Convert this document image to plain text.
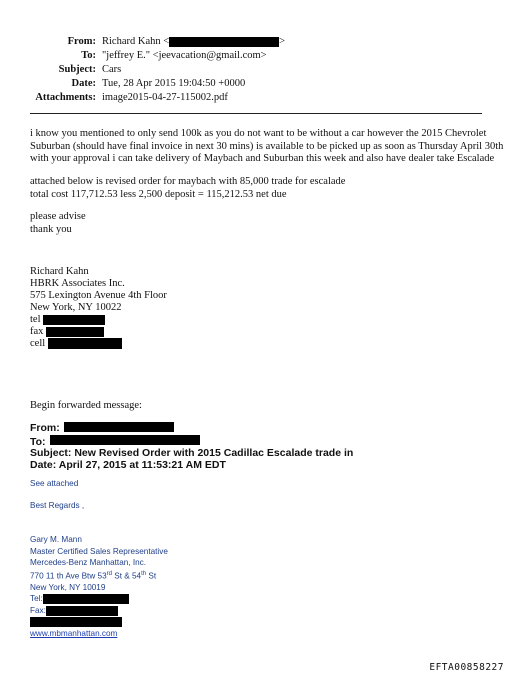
From: Richard Kahn <	>
To: "jeffrey E." <jeevacation@gmail.com>
Subject: Cars
Date: Tue, 28 Apr 2015 19:04:50 +0000
Attachments: image2015-04-27-115002.pdf
i know you mentioned to only send 100k as you do not want to be without a car however the 2015 Chevrolet
Suburban (should have final invoice in next 30 mins) is available to be picked up as soon as Thursday April 30th
with your approval i can take delivery of Maybach and Suburban this week and also have dealer take Escalade
attached below is revised order for maybach with 85,000 trade for escalade
total cost 117,712.53 less 2,500 deposit = 115,212.53 net due
please advise
thank you
Richard Kahn
HBRK Associates Inc.
575 Lexington Avenue 4th Floor
New York, NY 10022
tel
fax
cell
Begin forwarded message:
From:
To:
Subject: New Revised Order with 2015 Cadillac Escalade trade in
Date: April 27, 2015 at 11:53:21 AM EDT
See attached
Best Regards ,
Gary M. Mann
Master Certified Sales Representative
Mercedes-Benz Manhattan, Inc.
770 11 th Ave Btw 53rd St & 54th St
New York, NY 10019
Tel:
Fax:
www.mbmanhattan.com
EFTA00858227
